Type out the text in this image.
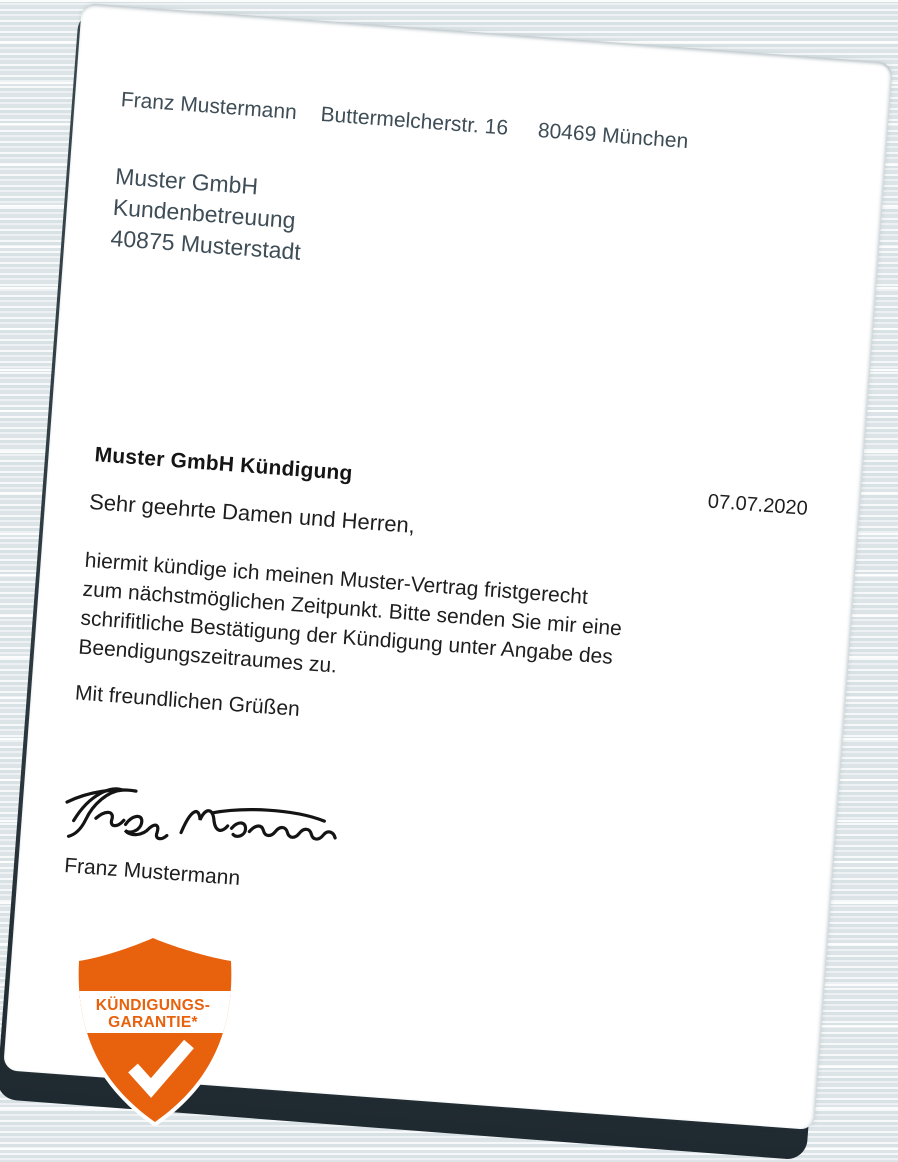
Franz Mustermann Buttermelcherstr. 16 80469 München
Muster GmbH
Kundenbetreuung
40875 Musterstadt
Muster GmbH Kündigung
07.07.2020
Sehr geehrte Damen und Herren,
hiermit kündige ich meinen Muster-Vertrag fristgerecht
zum nächstmöglichen Zeitpunkt. Bitte senden Sie mir eine
schrifitliche Bestätigung der Kündigung unter Angabe des
Beendigungszeitraumes zu.
Mit freundlichen Grüßen
Franz Mustermann
KÜNDIGUNGS-
GARANTIE*
